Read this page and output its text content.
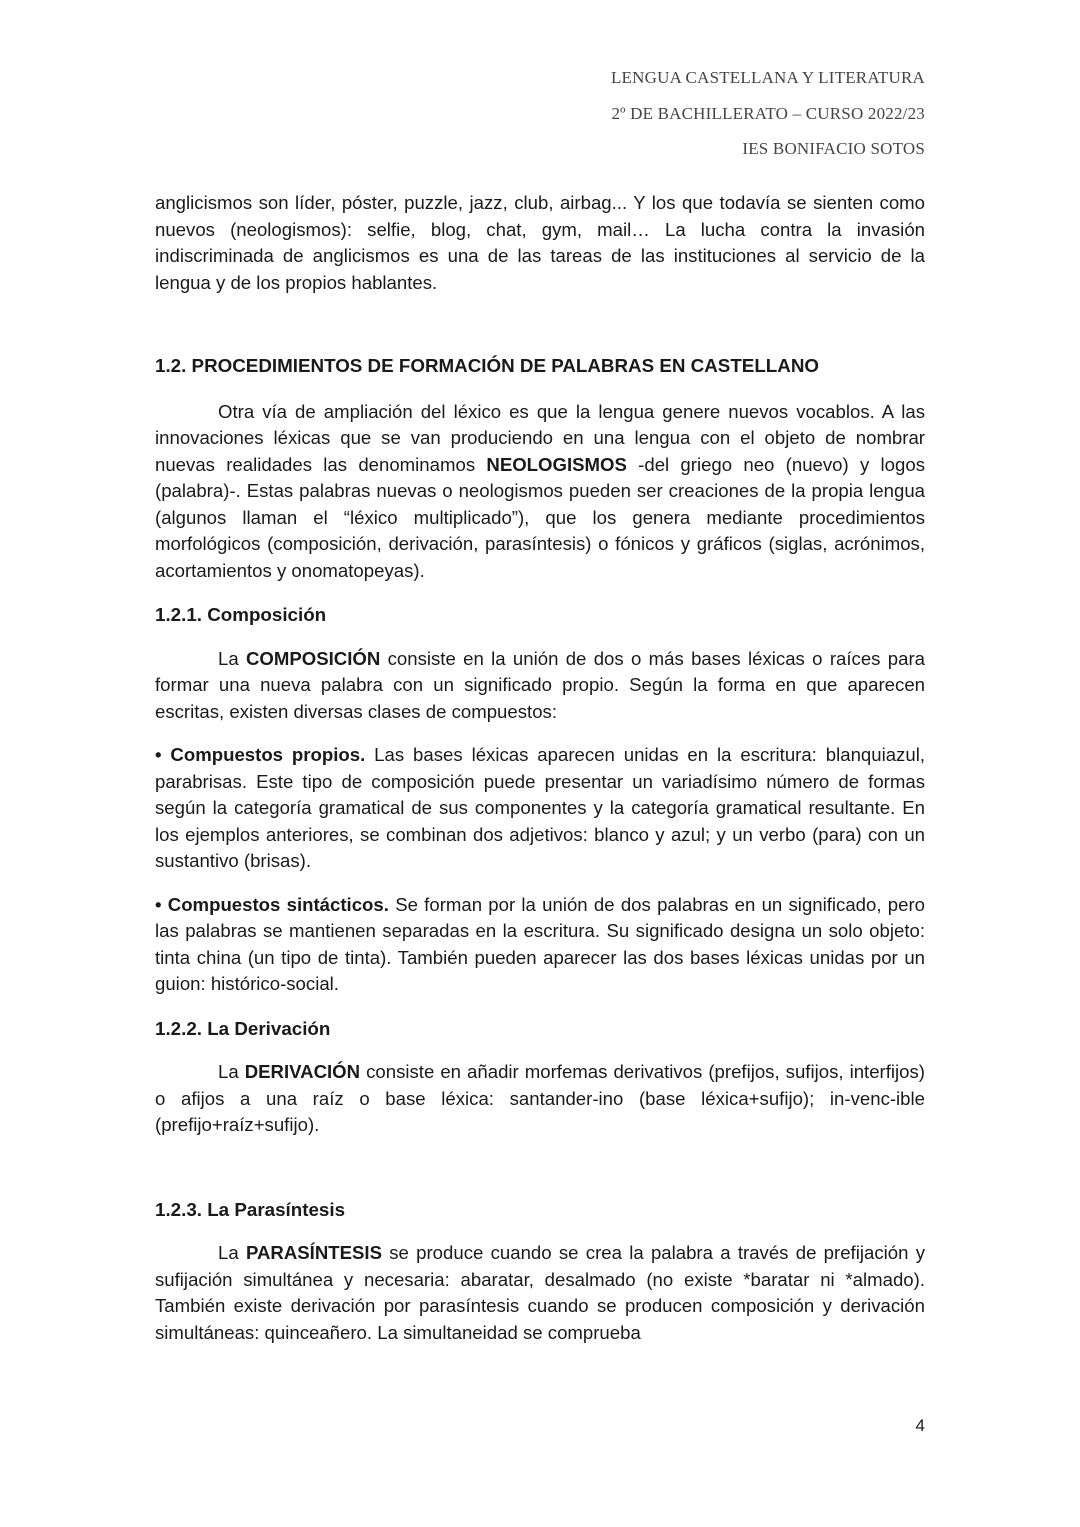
LENGUA CASTELLANA Y LITERATURA
2º DE BACHILLERATO – CURSO 2022/23
IES BONIFACIO SOTOS

anglicismos son líder, póster, puzzle, jazz, club, airbag... Y los que todavía se sienten como nuevos (neologismos): selfie, blog, chat, gym, mail… La lucha contra la invasión indiscriminada de anglicismos es una de las tareas de las instituciones al servicio de la lengua y de los propios hablantes.

1.2. PROCEDIMIENTOS DE FORMACIÓN DE PALABRAS EN CASTELLANO

Otra vía de ampliación del léxico es que la lengua genere nuevos vocablos. A las innovaciones léxicas que se van produciendo en una lengua con el objeto de nombrar nuevas realidades las denominamos NEOLOGISMOS -del griego neo (nuevo) y logos (palabra)-. Estas palabras nuevas o neologismos pueden ser creaciones de la propia lengua (algunos llaman el “léxico multiplicado”), que los genera mediante procedimientos morfológicos (composición, derivación, parasíntesis) o fónicos y gráficos (siglas, acrónimos, acortamientos y onomatopeyas).

1.2.1. Composición

La COMPOSICIÓN consiste en la unión de dos o más bases léxicas o raíces para formar una nueva palabra con un significado propio. Según la forma en que aparecen escritas, existen diversas clases de compuestos:

• Compuestos propios. Las bases léxicas aparecen unidas en la escritura: blanquiazul, parabrisas. Este tipo de composición puede presentar un variadísimo número de formas según la categoría gramatical de sus componentes y la categoría gramatical resultante. En los ejemplos anteriores, se combinan dos adjetivos: blanco y azul; y un verbo (para) con un sustantivo (brisas).

• Compuestos sintácticos. Se forman por la unión de dos palabras en un significado, pero las palabras se mantienen separadas en la escritura. Su significado designa un solo objeto: tinta china (un tipo de tinta). También pueden aparecer las dos bases léxicas unidas por un guion: histórico-social.

1.2.2. La Derivación

La DERIVACIÓN consiste en añadir morfemas derivativos (prefijos, sufijos, interfijos) o afijos a una raíz o base léxica: santander-ino (base léxica+sufijo); in-venc-ible (prefijo+raíz+sufijo).

1.2.3. La Parasíntesis

La PARASÍNTESIS se produce cuando se crea la palabra a través de prefijación y sufijación simultánea y necesaria: abaratar, desalmado (no existe *baratar ni *almado). También existe derivación por parasíntesis cuando se producen composición y derivación simultáneas: quinceañero. La simultaneidad se comprueba

4
